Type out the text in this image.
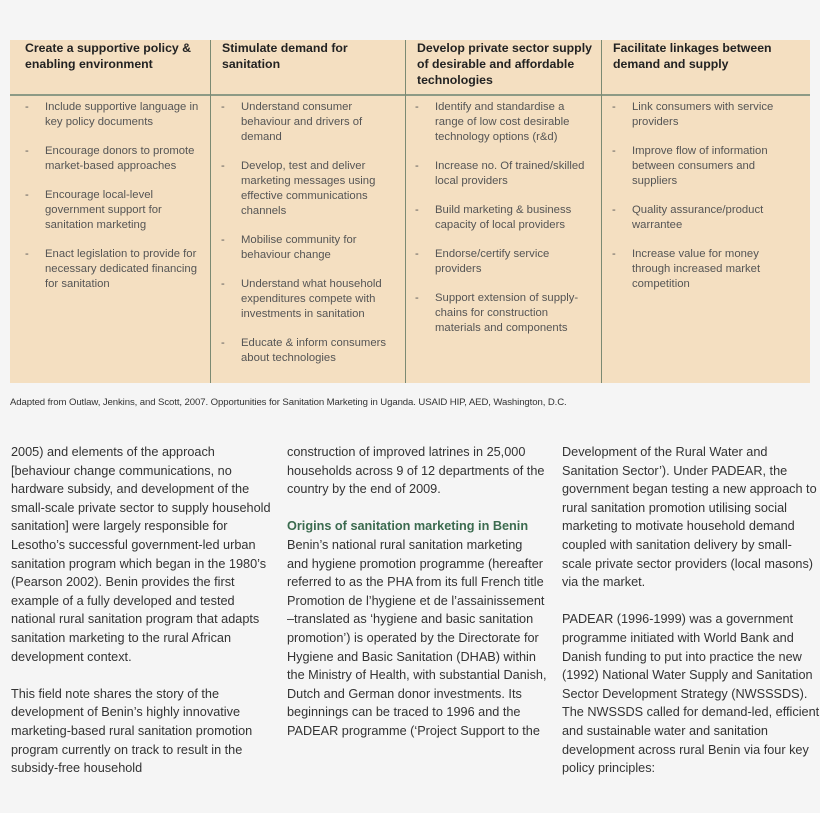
Create a supportive policy & enabling environment
Stimulate demand for sanitation
Develop private sector supply of desirable and affordable technologies
Facilitate linkages between demand and supply
- Include supportive language in key policy documents
- Encourage donors to promote market-based approaches
- Encourage local-level government support for sanitation marketing
- Enact legislation to provide for necessary dedicated financing for sanitation
- Understand consumer behaviour and drivers of demand
- Develop, test and deliver marketing messages using effective communications channels
- Mobilise community for behaviour change
- Understand what household expenditures compete with investments in sanitation
- Educate & inform consumers about technologies
- Identify and standardise a range of low cost desirable technology options (r&d)
- Increase no. Of trained/skilled local providers
- Build marketing & business capacity of local providers
- Endorse/certify service providers
- Support extension of supply-chains for construction materials and components
- Link consumers with service providers
- Improve flow of information between consumers and suppliers
- Quality assurance/product warrantee
- Increase value for money through increased market competition
Adapted from Outlaw, Jenkins, and Scott, 2007. Opportunities for Sanitation Marketing in Uganda. USAID HIP, AED, Washington, D.C.

2005) and elements of the approach [behaviour change communications, no hardware subsidy, and development of the small-scale private sector to supply household sanitation] were largely responsible for Lesotho’s successful government-led urban sanitation program which began in the 1980’s (Pearson 2002). Benin provides the first example of a fully developed and tested national rural sanitation program that adapts sanitation marketing to the rural African development context.

This field note shares the story of the development of Benin’s highly innovative marketing-based rural sanitation promotion program currently on track to result in the subsidy-free household

construction of improved latrines in 25,000 households across 9 of 12 departments of the country by the end of 2009.

Origins of sanitation marketing in Benin

Benin’s national rural sanitation marketing and hygiene promotion programme (hereafter referred to as the PHA from its full French title Promotion de l’hygiene et de l’assainissement –translated as ‘hygiene and basic sanitation promotion’) is operated by the Directorate for Hygiene and Basic Sanitation (DHAB) within the Ministry of Health, with substantial Danish, Dutch and German donor investments. Its beginnings can be traced to 1996 and the PADEAR programme (‘Project Support to the

Development of the Rural Water and Sanitation Sector’). Under PADEAR, the government began testing a new approach to rural sanitation promotion utilising social marketing to motivate household demand coupled with sanitation delivery by small-scale private sector providers (local masons) via the market.

PADEAR (1996-1999) was a government programme initiated with World Bank and Danish funding to put into practice the new (1992) National Water Supply and Sanitation Sector Development Strategy (NWSSSDS). The NWSSDS called for demand-led, efficient and sustainable water and sanitation development across rural Benin via four key policy principles:
